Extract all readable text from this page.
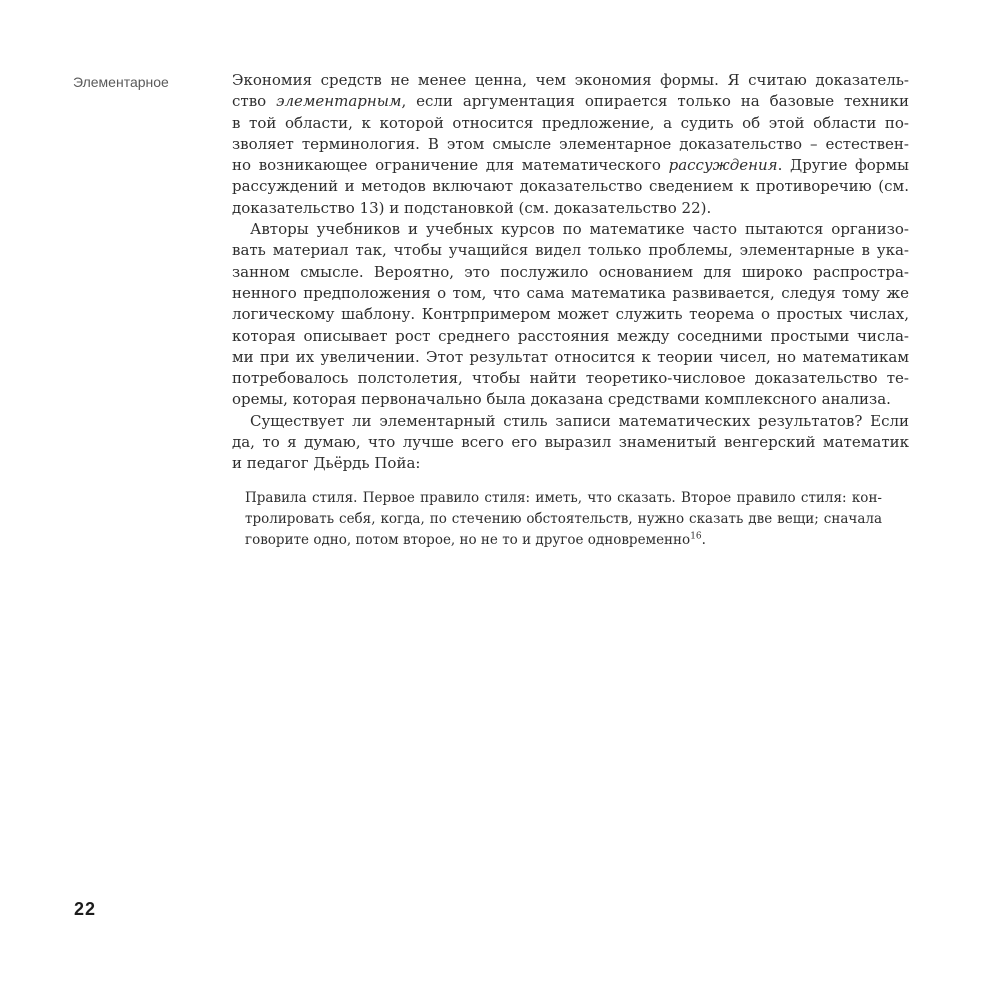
Элементарное	Экономия средств не менее ценна, чем экономия формы. Я считаю доказатель-
ство элементарным, если аргументация опирается только на базовые техники
в той области, к которой относится предложение, а судить об этой области по-
зволяет терминология. В этом смысле элементарное доказательство – естествен-
но возникающее ограничение для математического рассуждения. Другие формы
рассуждений и методов включают доказательство сведением к противоречию (см.
доказательство 13) и подстановкой (см. доказательство 22).
Авторы учебников и учебных курсов по математике часто пытаются организо-
вать материал так, чтобы учащийся видел только проблемы, элементарные в ука-
занном смысле. Вероятно, это послужило основанием для широко распростра-
ненного предположения о том, что сама математика развивается, следуя тому же
логическому шаблону. Контрпримером может служить теорема о простых числах,
которая описывает рост среднего расстояния между соседними простыми числа-
ми при их увеличении. Этот результат относится к теории чисел, но математикам
потребовалось полстолетия, чтобы найти теоретико-числовое доказательство те-
оремы, которая первоначально была доказана средствами комплексного анализа.
Существует ли элементарный стиль записи математических результатов? Если
да, то я думаю, что лучше всего его выразил знаменитый венгерский математик
и педагог Дьёрдь Пойа:
Правила стиля. Первое правило стиля: иметь, что сказать. Второе правило стиля: кон-
тролировать себя, когда, по стечению обстоятельств, нужно сказать две вещи; сначала
говорите одно, потом второе, но не то и другое одновременно$^{16}$.
22
